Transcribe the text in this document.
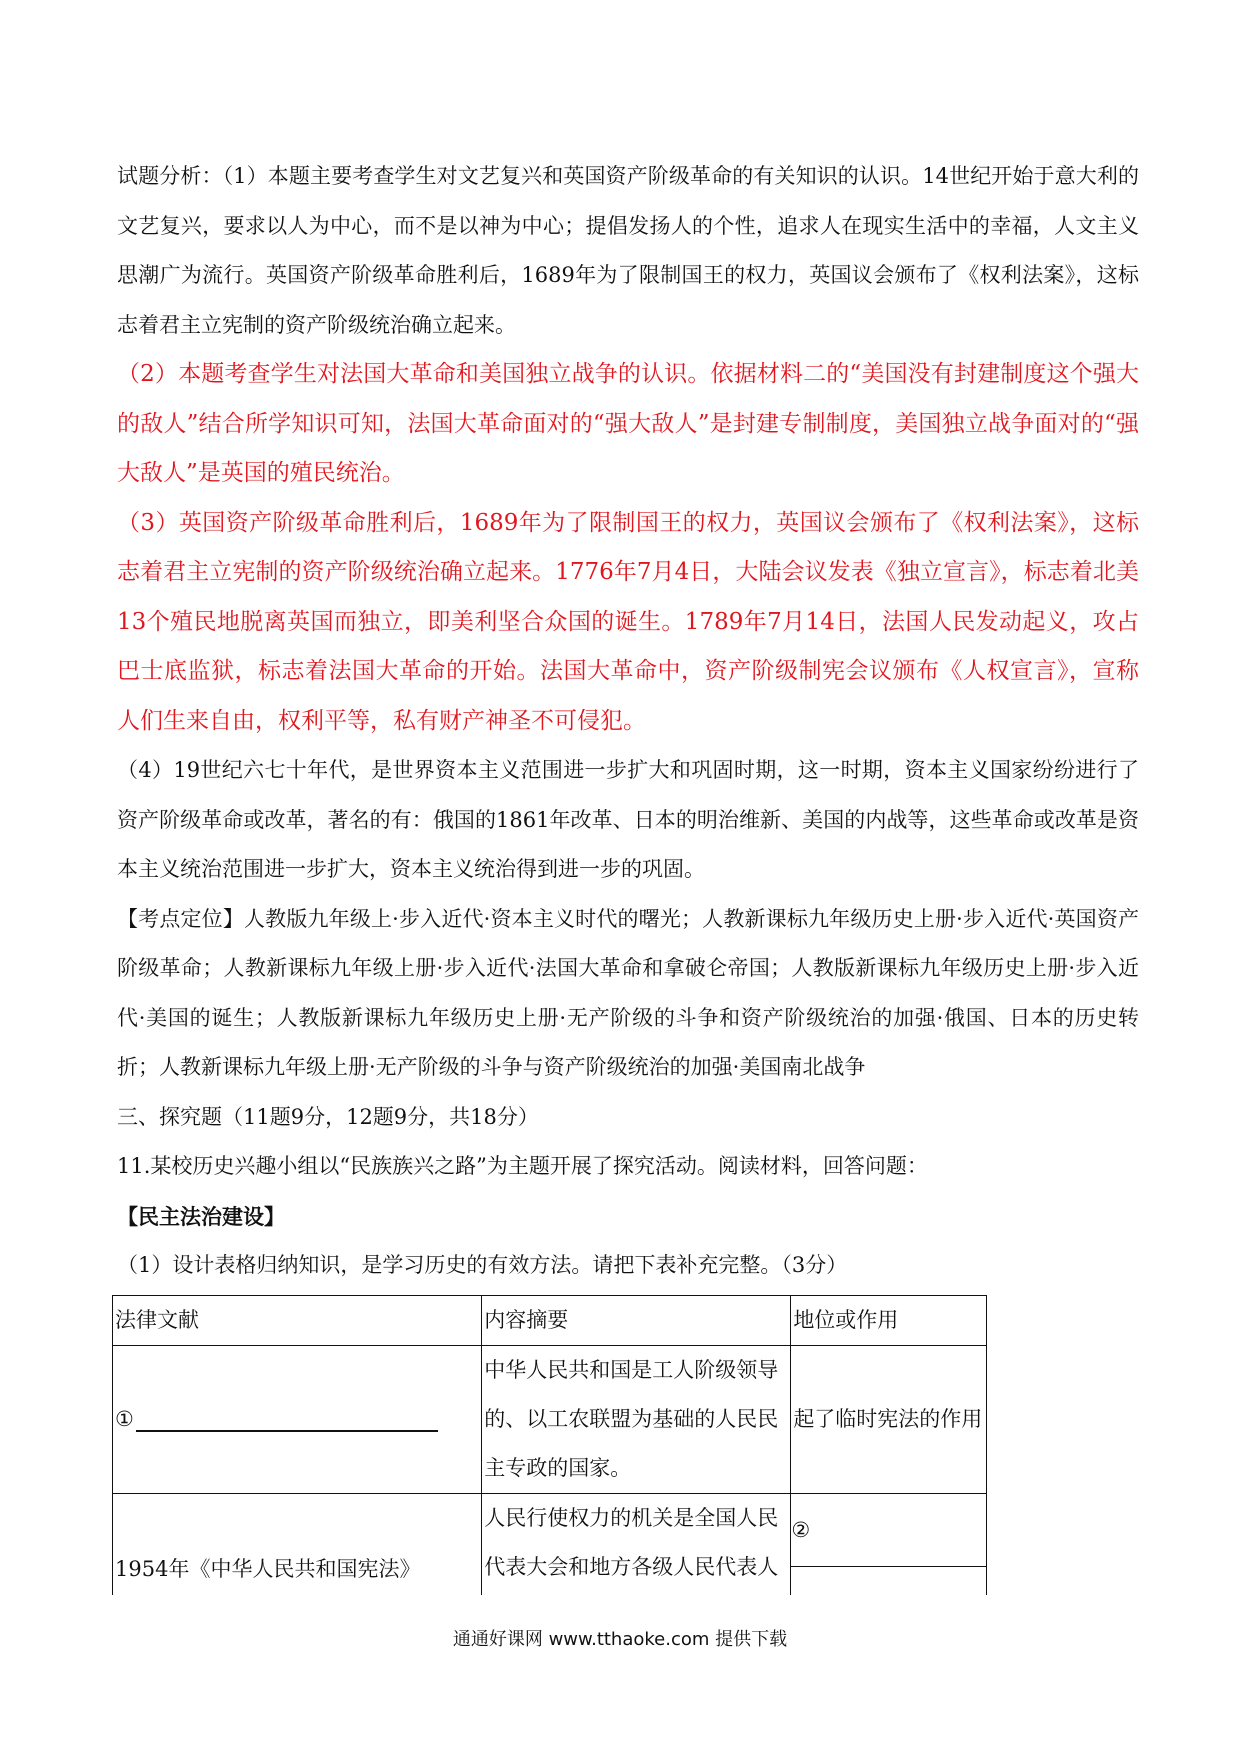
试题分析：（1）本题主要考查学生对文艺复兴和英国资产阶级革命的有关知识的认识。14世纪开始于意大利的文艺复兴，要求以人为中心，而不是以神为中心；提倡发扬人的个性，追求人在现实生活中的幸福，人文主义思潮广为流行。英国资产阶级革命胜利后，1689年为了限制国王的权力，英国议会颁布了《权利法案》，这标志着君主立宪制的资产阶级统治确立起来。

（2）本题考查学生对法国大革命和美国独立战争的认识。依据材料二的“美国没有封建制度这个强大的敌人”结合所学知识可知，法国大革命面对的“强大敌人”是封建专制制度，美国独立战争面对的“强大敌人”是英国的殖民统治。

（3）英国资产阶级革命胜利后，1689年为了限制国王的权力，英国议会颁布了《权利法案》，这标志着君主立宪制的资产阶级统治确立起来。1776年7月4日，大陆会议发表《独立宣言》，标志着北美13个殖民地脱离英国而独立，即美利坚合众国的诞生。1789年7月14日，法国人民发动起义，攻占巴士底监狱，标志着法国大革命的开始。法国大革命中，资产阶级制宪会议颁布《人权宣言》，宣称人们生来自由，权利平等，私有财产神圣不可侵犯。

（4）19世纪六七十年代，是世界资本主义范围进一步扩大和巩固时期，这一时期，资本主义国家纷纷进行了资产阶级革命或改革，著名的有：俄国的1861年改革、日本的明治维新、美国的内战等，这些革命或改革是资本主义统治范围进一步扩大，资本主义统治得到进一步的巩固。

【考点定位】人教版九年级上·步入近代·资本主义时代的曙光；人教新课标九年级历史上册·步入近代·英国资产阶级革命；人教新课标九年级上册·步入近代·法国大革命和拿破仑帝国；人教版新课标九年级历史上册·步入近代·美国的诞生；人教版新课标九年级历史上册·无产阶级的斗争和资产阶级统治的加强·俄国、日本的历史转折；人教新课标九年级上册·无产阶级的斗争与资产阶级统治的加强·美国南北战争

三、探究题（11题9分，12题9分，共18分）

11.某校历史兴趣小组以“民族族兴之路”为主题开展了探究活动。阅读材料，回答问题：

【民主法治建设】

（1）设计表格归纳知识，是学习历史的有效方法。请把下表补充完整。（3分）

法律文献	内容摘要	地位或作用
①	中华人民共和国是工人阶级领导的、以工农联盟为基础的人民民主专政的国家。	起了临时宪法的作用
1954年《中华人民共和国宪法》	人民行使权力的机关是全国人民代表大会和地方各级人民代表人	②
通通好课网 www.tthaoke.com 提供下载
